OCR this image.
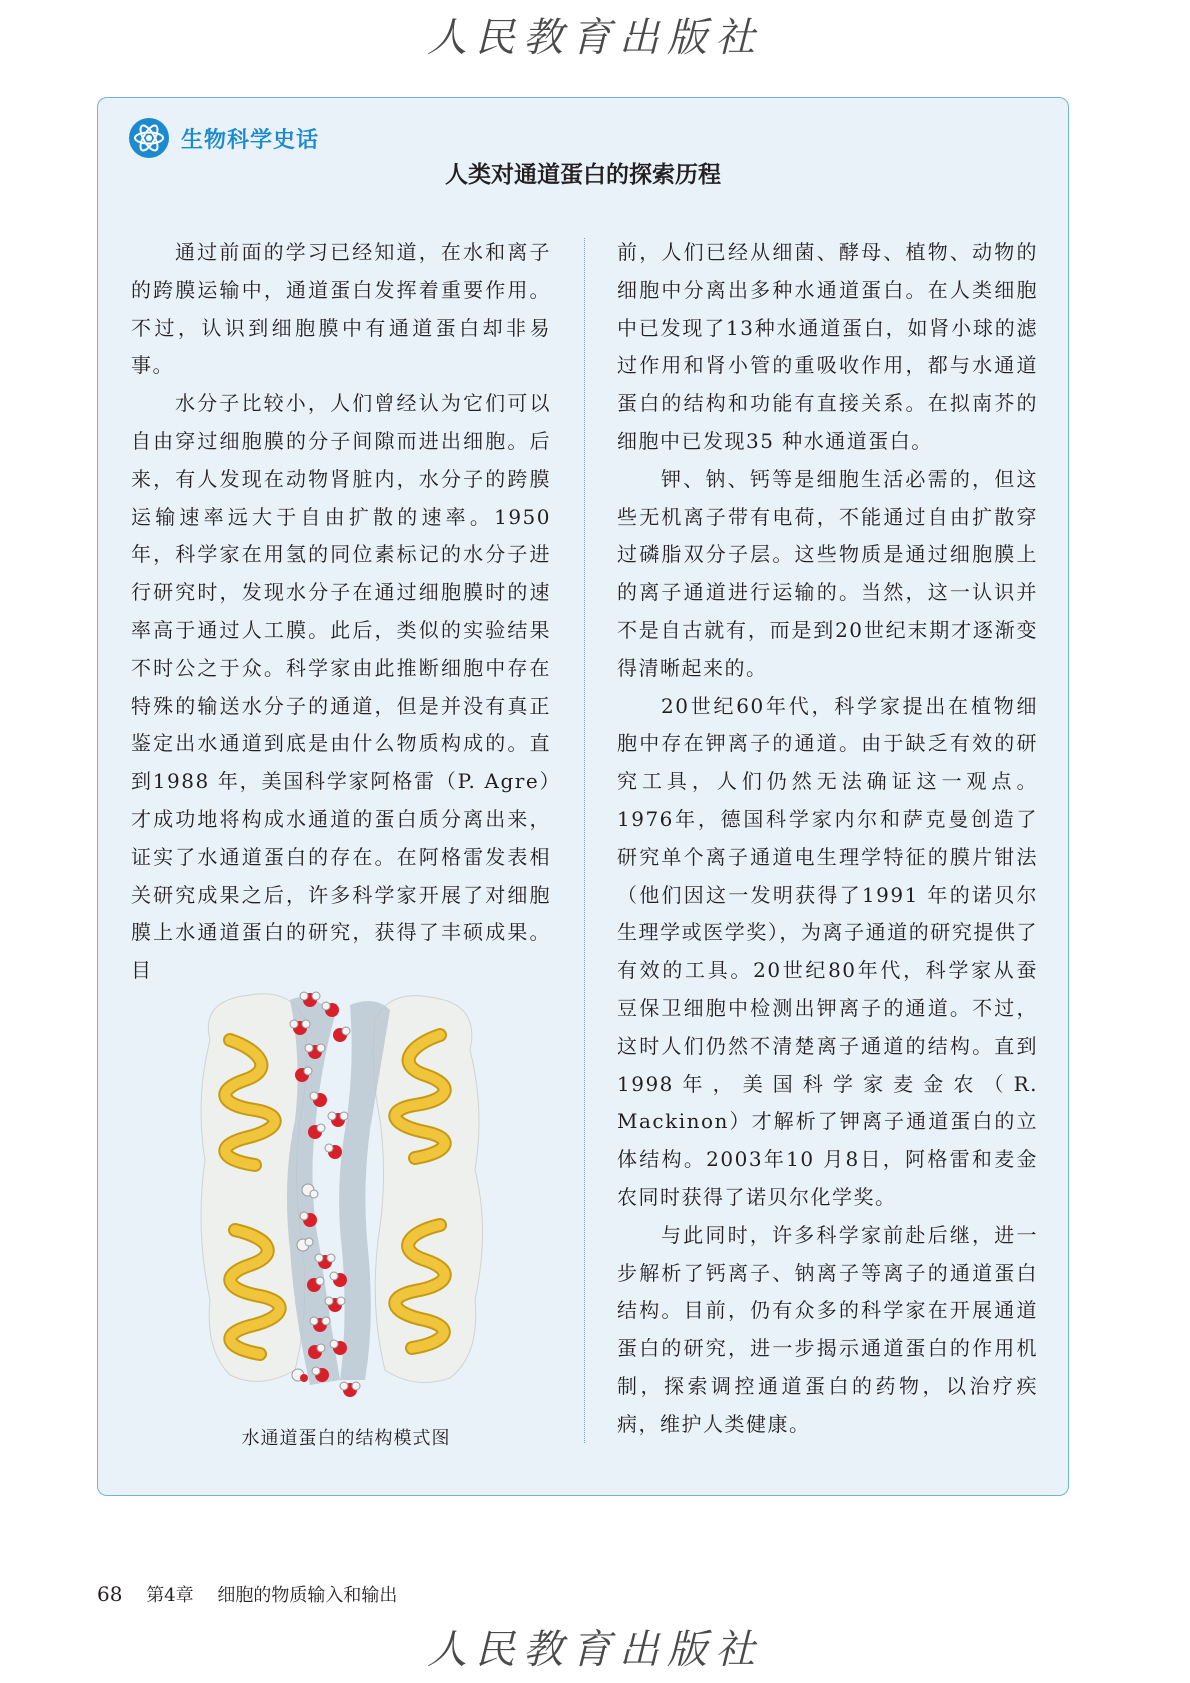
人民教育出版社
生物科学史话
人类对通道蛋白的探索历程

通过前面的学习已经知道，在水和离子的跨膜运输中，通道蛋白发挥着重要作用。不过，认识到细胞膜中有通道蛋白却非易事。

水分子比较小，人们曾经认为它们可以自由穿过细胞膜的分子间隙而进出细胞。后来，有人发现在动物肾脏内，水分子的跨膜运输速率远大于自由扩散的速率。1950年，科学家在用氢的同位素标记的水分子进行研究时，发现水分子在通过细胞膜时的速率高于通过人工膜。此后，类似的实验结果不时公之于众。科学家由此推断细胞中存在特殊的输送水分子的通道，但是并没有真正鉴定出水通道到底是由什么物质构成的。直到1988 年，美国科学家阿格雷（P. Agre）才成功地将构成水通道的蛋白质分离出来，证实了水通道蛋白的存在。在阿格雷发表相关研究成果之后，许多科学家开展了对细胞膜上水通道蛋白的研究，获得了丰硕成果。目

前，人们已经从细菌、酵母、植物、动物的细胞中分离出多种水通道蛋白。在人类细胞中已发现了13种水通道蛋白，如肾小球的滤过作用和肾小管的重吸收作用，都与水通道蛋白的结构和功能有直接关系。在拟南芥的细胞中已发现35 种水通道蛋白。

钾、钠、钙等是细胞生活必需的，但这些无机离子带有电荷，不能通过自由扩散穿过磷脂双分子层。这些物质是通过细胞膜上的离子通道进行运输的。当然，这一认识并不是自古就有，而是到20世纪末期才逐渐变得清晰起来的。

20世纪60年代，科学家提出在植物细胞中存在钾离子的通道。由于缺乏有效的研究工具，人们仍然无法确证这一观点。1976年，德国科学家内尔和萨克曼创造了研究单个离子通道电生理学特征的膜片钳法（他们因这一发明获得了1991 年的诺贝尔生理学或医学奖），为离子通道的研究提供了有效的工具。20世纪80年代，科学家从蚕豆保卫细胞中检测出钾离子的通道。不过，这时人们仍然不清楚离子通道的结构。直到1998年，美国科学家麦金农（R. Mackinon）才解析了钾离子通道蛋白的立体结构。2003年10 月8日，阿格雷和麦金农同时获得了诺贝尔化学奖。

与此同时，许多科学家前赴后继，进一步解析了钙离子、钠离子等离子的通道蛋白结构。目前，仍有众多的科学家在开展通道蛋白的研究，进一步揭示通道蛋白的作用机制，探索调控通道蛋白的药物，以治疗疾病，维护人类健康。

水通道蛋白的结构模式图
68 第4章 细胞的物质输入和输出
人民教育出版社
